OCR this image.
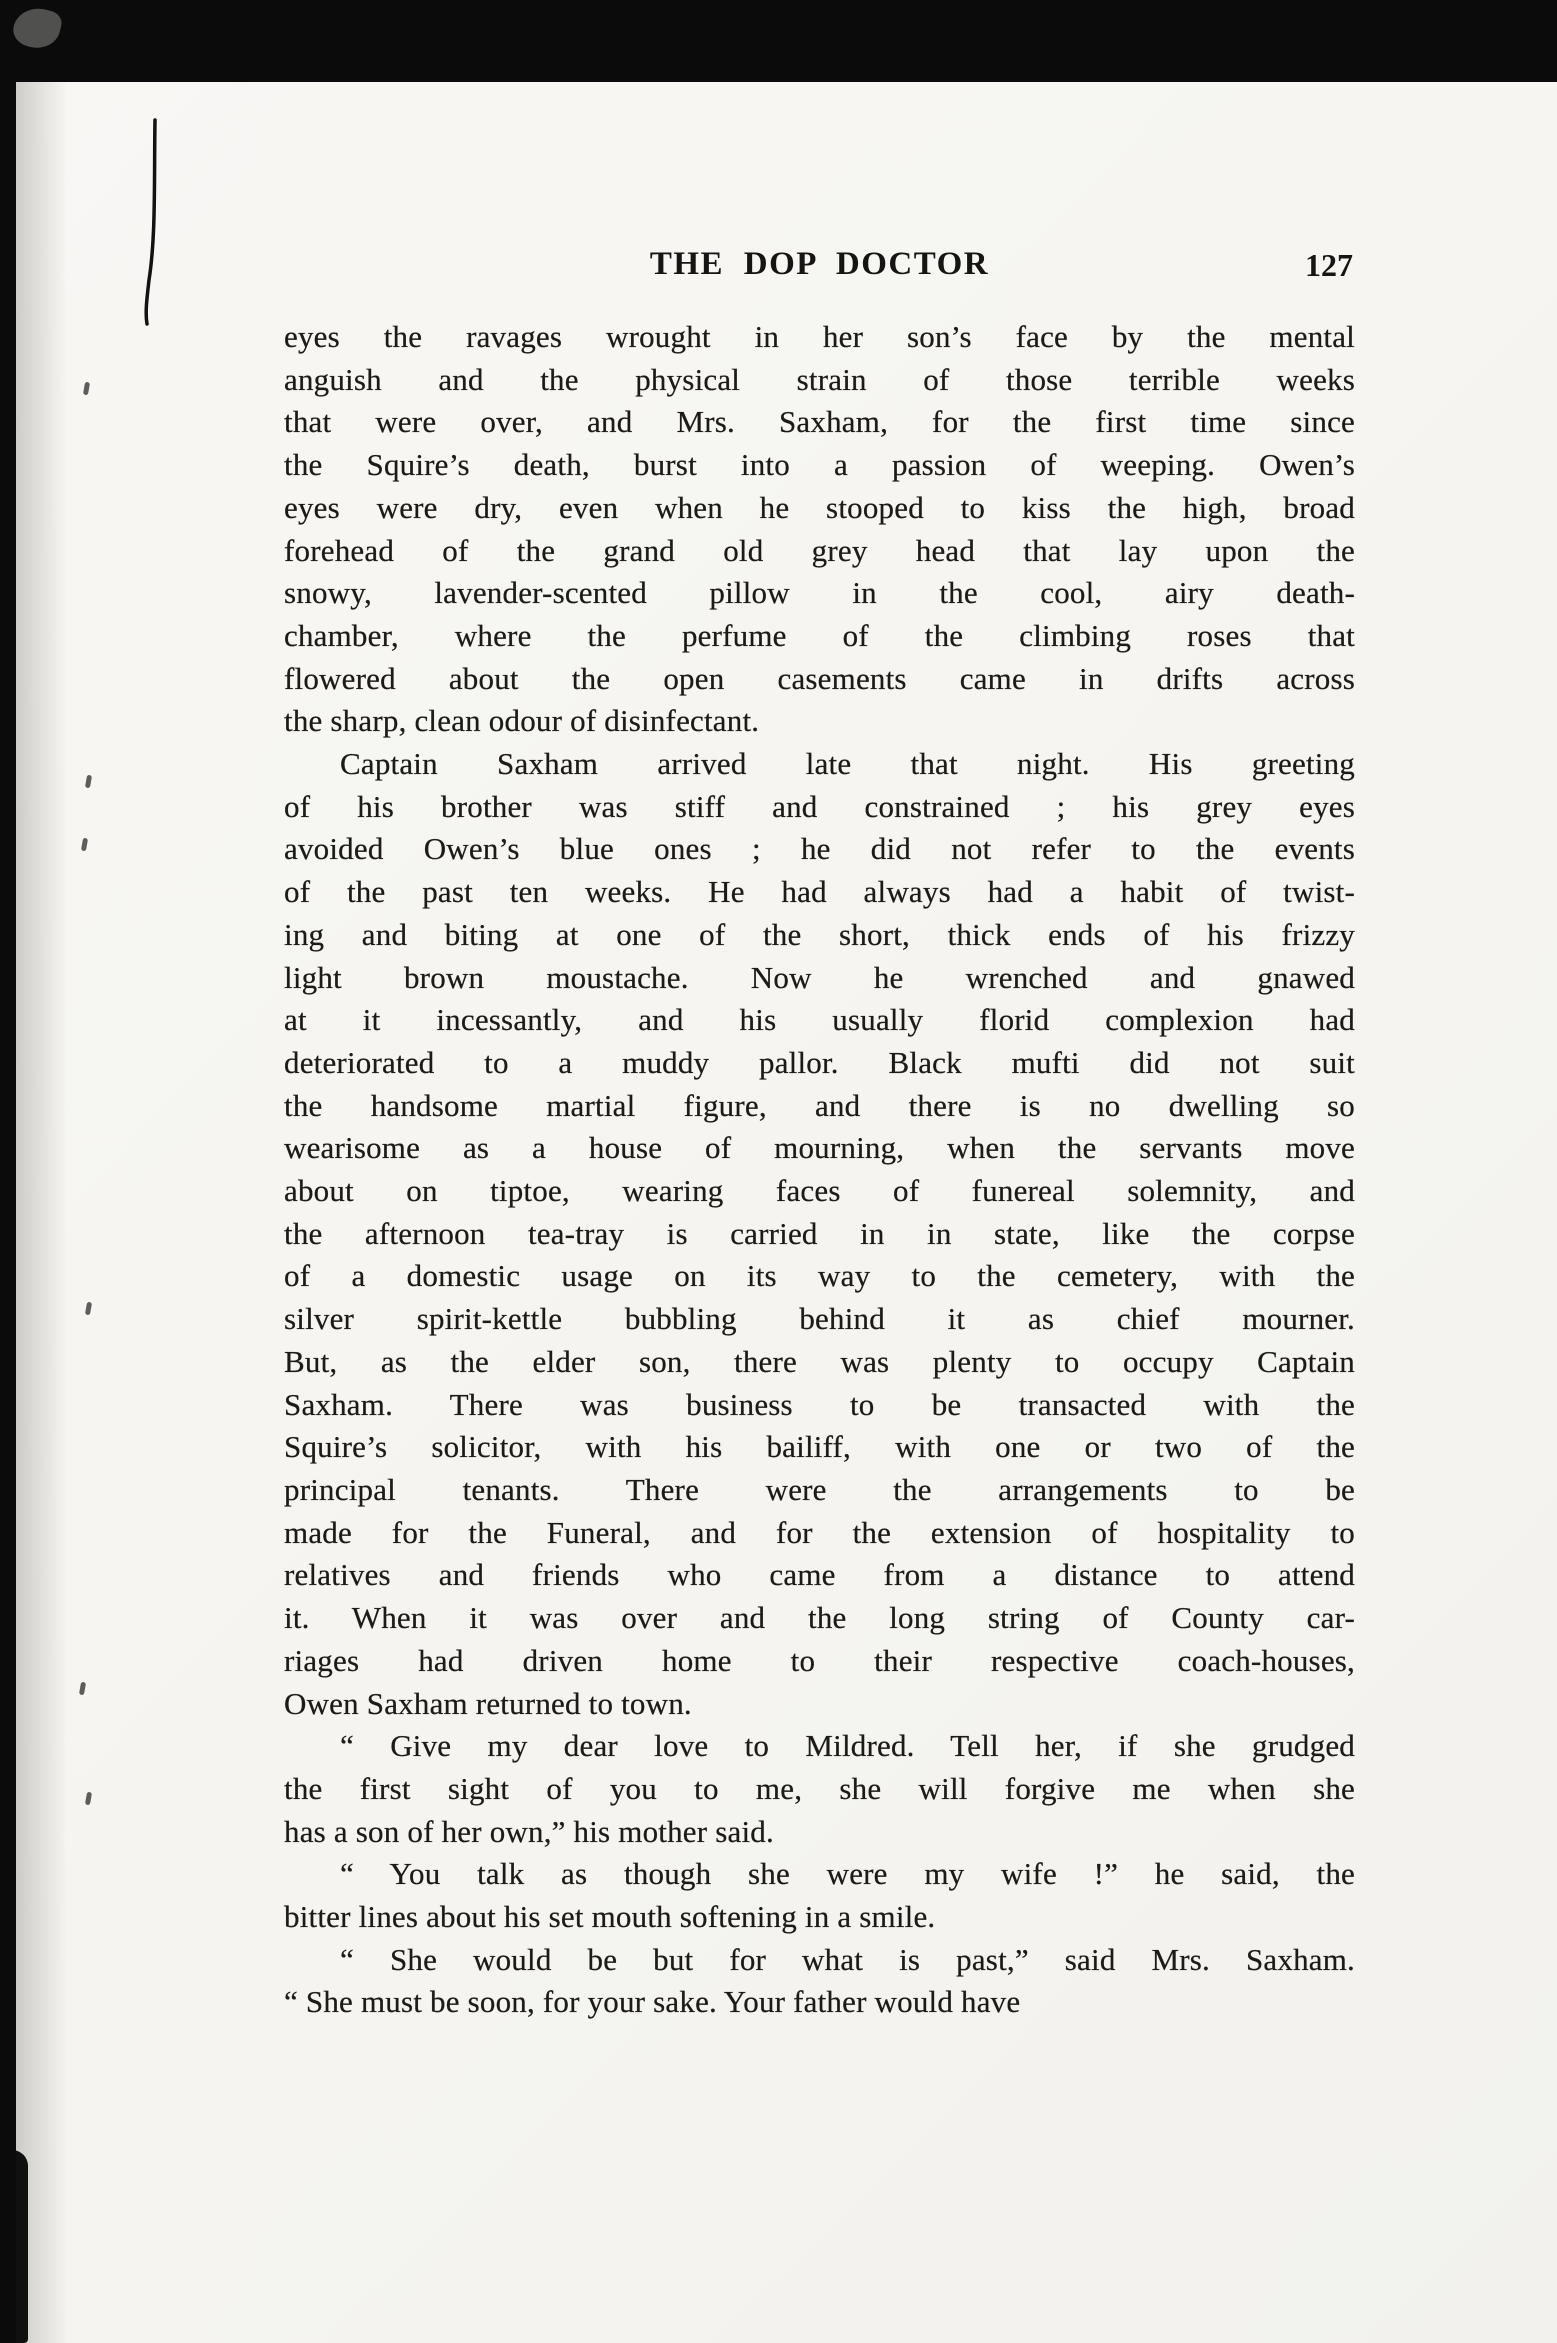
THE DOP DOCTOR	127

eyes the ravages wrought in her son’s face by the mental
anguish and the physical strain of those terrible weeks
that were over, and Mrs. Saxham, for the first time since
the Squire’s death, burst into a passion of weeping. Owen’s
eyes were dry, even when he stooped to kiss the high, broad
forehead of the grand old grey head that lay upon the
snowy, lavender-scented pillow in the cool, airy death-
chamber, where the perfume of the climbing roses that
flowered about the open casements came in drifts across
the sharp, clean odour of disinfectant.

Captain Saxham arrived late that night. His greeting
of his brother was stiff and constrained ; his grey eyes
avoided Owen’s blue ones ; he did not refer to the events
of the past ten weeks. He had always had a habit of twist-
ing and biting at one of the short, thick ends of his frizzy
light brown moustache. Now he wrenched and gnawed
at it incessantly, and his usually florid complexion had
deteriorated to a muddy pallor. Black mufti did not suit
the handsome martial figure, and there is no dwelling so
wearisome as a house of mourning, when the servants move
about on tiptoe, wearing faces of funereal solemnity, and
the afternoon tea-tray is carried in in state, like the corpse
of a domestic usage on its way to the cemetery, with the
silver spirit-kettle bubbling behind it as chief mourner.
But, as the elder son, there was plenty to occupy Captain
Saxham. There was business to be transacted with the
Squire’s solicitor, with his bailiff, with one or two of the
principal tenants. There were the arrangements to be
made for the Funeral, and for the extension of hospitality to
relatives and friends who came from a distance to attend
it. When it was over and the long string of County car-
riages had driven home to their respective coach-houses,
Owen Saxham returned to town.

“ Give my dear love to Mildred. Tell her, if she grudged
the first sight of you to me, she will forgive me when she
has a son of her own,” his mother said.

“ You talk as though she were my wife !” he said, the
bitter lines about his set mouth softening in a smile.

“ She would be but for what is past,” said Mrs. Saxham.
“ She must be soon, for your sake. Your father would have
